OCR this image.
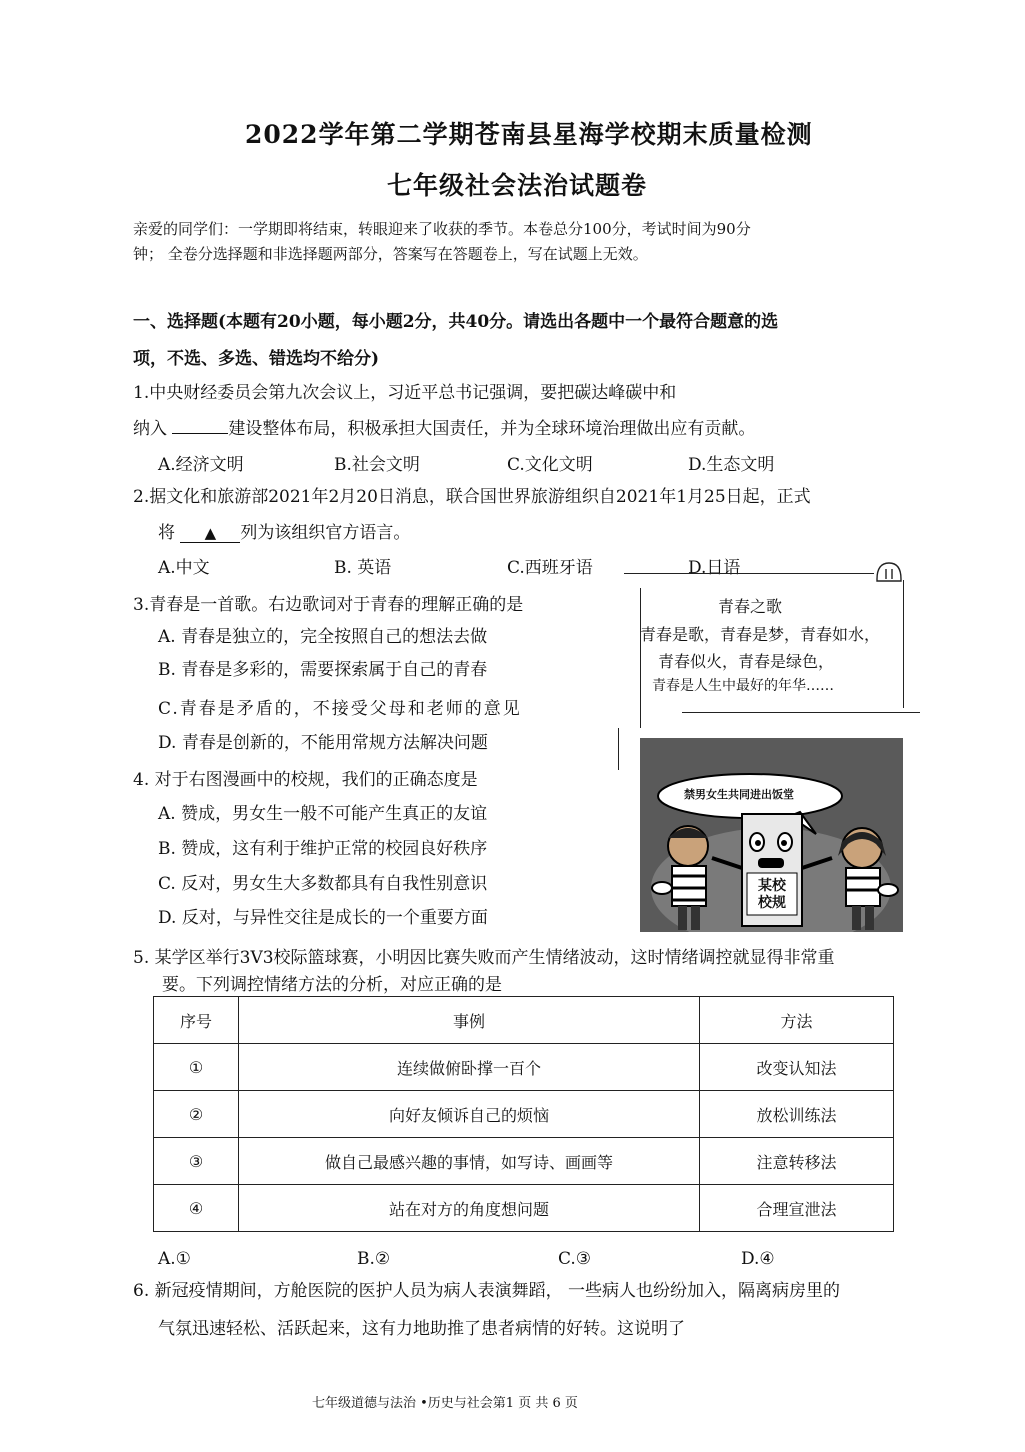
2022学年第二学期苍南县星海学校期末质量检测
七年级社会法治试题卷
亲爱的同学们：一学期即将结束，转眼迎来了收获的季节。本卷总分100分，考试时间为90分
钟； 全卷分选择题和非选择题两部分，答案写在答题卷上，写在试题上无效。
一、选择题(本题有20小题，每小题2分，共40分。请选出各题中一个最符合题意的选
项，不选、多选、错选均不给分)
1.中央财经委员会第九次会议上，习近平总书记强调，要把碳达峰碳中和
纳入	建设整体布局，积极承担大国责任，并为全球环境治理做出应有贡献。
A.经济文明	B.社会文明	C.文化文明	D.生态文明
2.据文化和旅游部2021年2月20日消息，联合国世界旅游组织自2021年1月25日起，正式
将 ▲ 列为该组织官方语言。
A.中文	B. 英语	C.西班牙语	D.日语
青春之歌
青春是歌，青春是梦，青春如水，
青春似火，青春是绿色，
青春是人生中最好的年华……
3.青春是一首歌。右边歌词对于青春的理解正确的是
A. 青春是独立的，完全按照自己的想法去做
B. 青春是多彩的，需要探索属于自己的青春
C.青春是矛盾的，不接受父母和老师的意见
D. 青春是创新的，不能用常规方法解决问题
禁男女生共同进出饭堂
某校
校规
4. 对于右图漫画中的校规，我们的正确态度是
A. 赞成，男女生一般不可能产生真正的友谊
B. 赞成，这有利于维护正常的校园良好秩序
C. 反对，男女生大多数都具有自我性别意识
D. 反对，与异性交往是成长的一个重要方面
5. 某学区举行3V3校际篮球赛，小明因比赛失败而产生情绪波动，这时情绪调控就显得非常重
要。下列调控情绪方法的分析，对应正确的是
序号	事例	方法
①	连续做俯卧撑一百个	改变认知法
②	向好友倾诉自己的烦恼	放松训练法
③	做自己最感兴趣的事情，如写诗、画画等	注意转移法
④	站在对方的角度想问题	合理宣泄法
A.①	B.②	C.③	D.④
6. 新冠疫情期间，方舱医院的医护人员为病人表演舞蹈， 一些病人也纷纷加入，隔离病房里的
气氛迅速轻松、活跃起来，这有力地助推了患者病情的好转。这说明了
七年级道德与法治 •历史与社会第1 页 共 6 页
